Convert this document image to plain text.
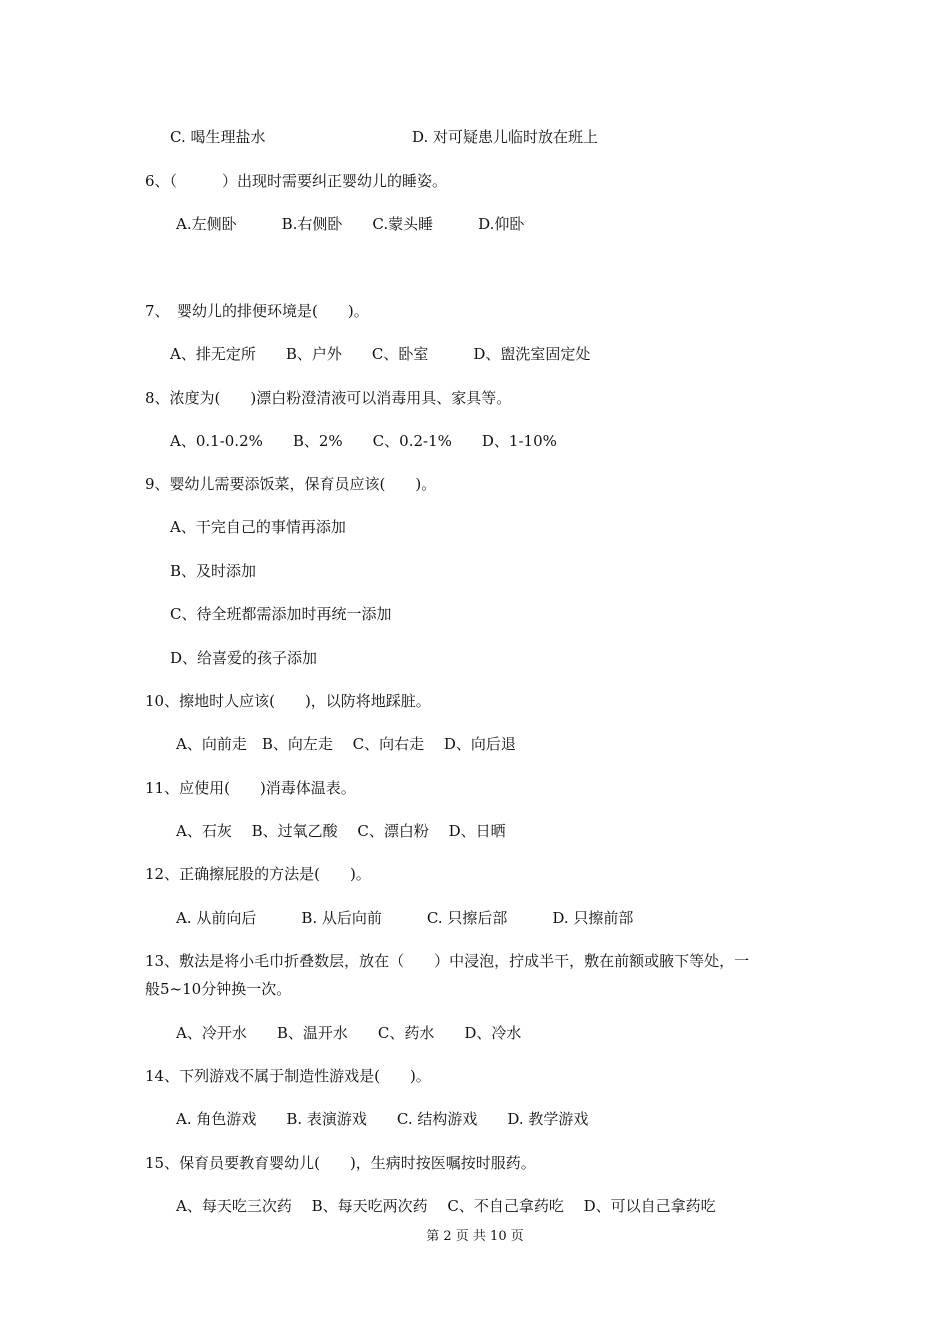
C. 喝生理盐水	D. 对可疑患儿临时放在班上
6、（　　　）出现时需要纠正婴幼儿的睡姿。
A.左侧卧　　　B.右侧卧　　C.蒙头睡　　　D.仰卧
7、　婴幼儿的排便环境是(　　)。
A、排无定所　　B、户外　　C、卧室　　　D、盥洗室固定处
8、浓度为(　　)漂白粉澄清液可以消毒用具、家具等。
A、0.1-0.2%　　B、2%　　C、0.2-1%　　D、1-10%
9、婴幼儿需要添饭菜，保育员应该(　　)。
A、干完自己的事情再添加
B、及时添加
C、待全班都需添加时再统一添加
D、给喜爱的孩子添加
10、擦地时人应该(　　)，以防将地踩脏。
A、向前走　B、向左走　 C、向右走　 D、向后退
11、应使用(　　)消毒体温表。
A、石灰　 B、过氧乙酸　 C、漂白粉　 D、日晒
12、正确擦屁股的方法是(　　)。
A. 从前向后　　　B. 从后向前　　　C. 只擦后部　　　D. 只擦前部
13、敷法是将小毛巾折叠数层，放在（　　）中浸泡，拧成半干，敷在前额或腋下等处，一
般5~10分钟换一次。
A、冷开水　　B、温开水　　C、药水　　D、冷水
14、下列游戏不属于制造性游戏是(　　)。
A. 角色游戏　　B. 表演游戏　　C. 结构游戏　　D. 教学游戏
15、保育员要教育婴幼儿(　　)，生病时按医嘱按时服药。
A、每天吃三次药　 B、每天吃两次药　 C、不自己拿药吃　 D、可以自己拿药吃
第 2 页 共 10 页
